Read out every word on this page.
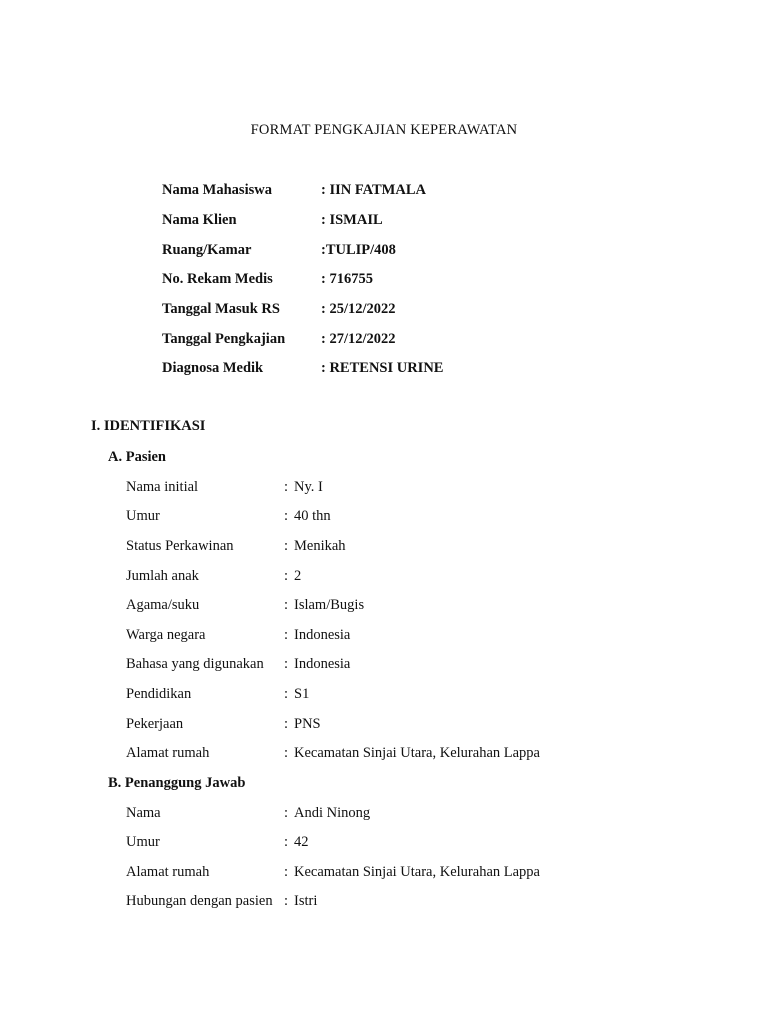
FORMAT PENGKAJIAN KEPERAWATAN
Nama Mahasiswa	: IIN FATMALA
Nama Klien	: ISMAIL
Ruang/Kamar	:TULIP/408
No. Rekam Medis	: 716755
Tanggal Masuk RS	: 25/12/2022
Tanggal Pengkajian : 27/12/2022
Diagnosa Medik	: RETENSI URINE
I. IDENTIFIKASI
A. Pasien
Nama initial	: Ny. I
Umur	: 40 thn
Status Perkawinan	: Menikah
Jumlah anak	: 2
Agama/suku	: Islam/Bugis
Warga negara	: Indonesia
Bahasa yang digunakan : Indonesia
Pendidikan	: S1
Pekerjaan	: PNS
Alamat rumah	: Kecamatan Sinjai Utara, Kelurahan Lappa
B. Penanggung Jawab
Nama	: Andi Ninong
Umur	: 42
Alamat rumah	: Kecamatan Sinjai Utara, Kelurahan Lappa
Hubungan dengan pasien : Istri
